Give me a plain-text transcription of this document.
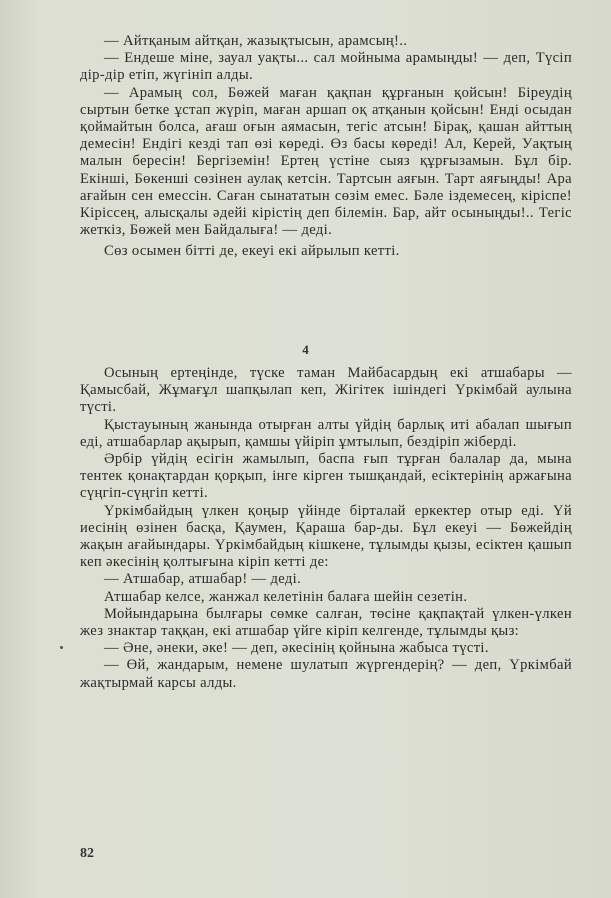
— Айтқаным айтқан, жазықтысын, арамсың!..

— Ендеше міне, зауал уақты... сал мойныма арамыңды! — деп, Түсіп дір-дір етіп, жүгініп алды.

— Арамың сол, Бөжей маған қақпан құрғанын қойсын! Біреудің сыртын бетке ұстап жүріп, маған аршап оқ атқанын қойсын! Енді осыдан қоймайтын болса, ағаш оғын аямасын, тегіс атсын! Бірақ, қашан айттың демесін! Ендігі кезді тап өзі көреді. Өз басы көреді! Ал, Керей, Уақтың малын бересін! Бергіземін! Ертең үстіне сыяз құрғызамын. Бұл бір. Екінші, Бөкенші сөзінен аулақ кетсін. Тартсын аяғын. Тарт аяғыңды! Ара ағайын сен емессін. Саған сынататын сөзім емес. Бәле іздемесең, кіріспе! Кіріссең, алысқалы әдейі кірістің деп білемін. Бар, айт осыныңды!.. Тегіс жеткіз, Бөжей мен Байдалыға! — деді.

Сөз осымен бітті де, екеуі екі айрылып кетті.

4

Осының ертеңінде, түске таман Майбасардың екі атшабары — Қамысбай, Жұмағұл шапқылап кеп, Жігітек ішіндегі Үркімбай аулына түсті.

Қыстауының жанында отырған алты үйдің барлық иті абалап шығып еді, атшабарлар ақырып, қамшы үйіріп ұмтылып, бездіріп жіберді.

Әрбір үйдің есігін жамылып, баспа ғып тұрған балалар да, мына тентек қонақтардан қорқып, інге кірген тышқандай, есіктерінің аржағына сүңгіп-сүңгіп кетті.

Үркімбайдың үлкен қоңыр үйінде бірталай еркектер отыр еді. Үй иесінің өзінен басқа, Қаумен, Қараша бар-ды. Бұл екеуі — Бөжейдің жақын ағайындары. Үркімбайдың кішкене, тұлымды қызы, есіктен қашып кеп әкесінің қолтығына кіріп кетті де:

— Атшабар, атшабар! — деді.

Атшабар келсе, жанжал келетінін балаға шейін сезетін.

Мойындарына былғары сөмке салған, төсіне қақпақтай үлкен-үлкен жез знактар таққан, екі атшабар үйге кіріп келгенде, тұлымды қыз:

— Әне, әнеки, әке! — деп, әкесінің қойнына жабыса түсті.

— Өй, жандарым, немене шулатып жүргендерің? — деп, Үркімбай жақтырмай карсы алды.

82
